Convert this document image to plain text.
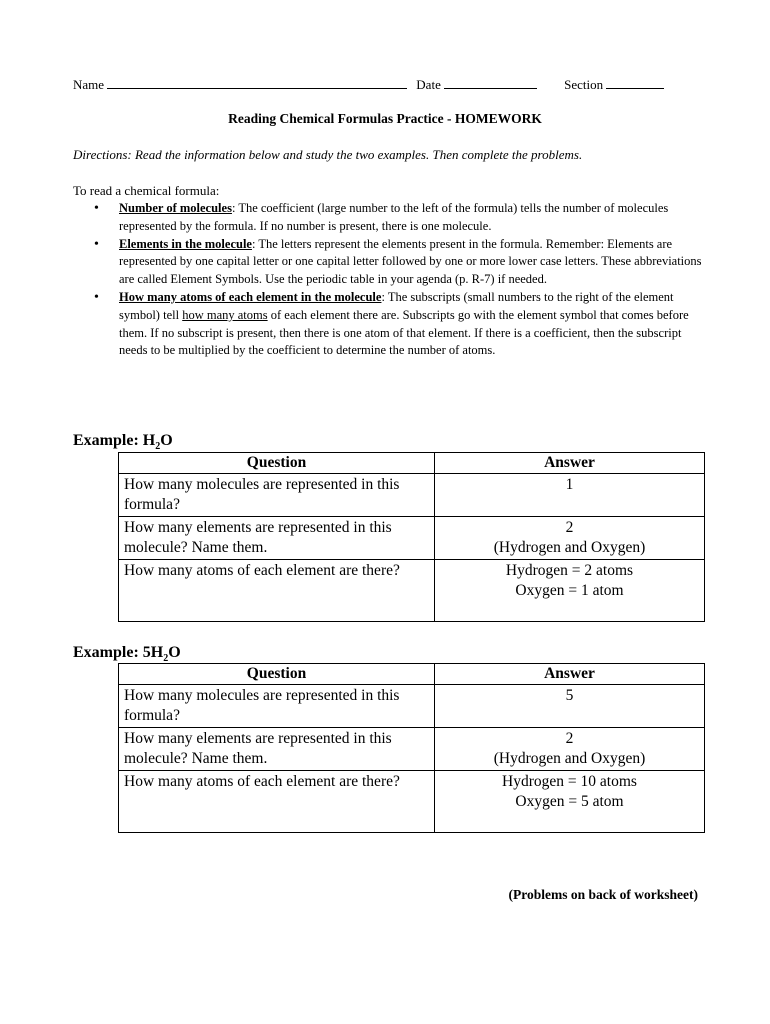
Name	Date	Section
Reading Chemical Formulas Practice - HOMEWORK
Directions: Read the information below and study the two examples. Then complete the problems.
To read a chemical formula:
• Number of molecules: The coefficient (large number to the left of the formula) tells the number of molecules represented by the formula. If no number is present, there is one molecule.
• Elements in the molecule: The letters represent the elements present in the formula. Remember: Elements are represented by one capital letter or one capital letter followed by one or more lower case letters. These abbreviations are called Element Symbols. Use the periodic table in your agenda (p. R-7) if needed.
• How many atoms of each element in the molecule: The subscripts (small numbers to the right of the element symbol) tell how many atoms of each element there are. Subscripts go with the element symbol that comes before them. If no subscript is present, then there is one atom of that element. If there is a coefficient, then the subscript needs to be multiplied by the coefficient to determine the number of atoms.
Example: $H_2O$
Question	Answer
How many molecules are represented in this formula?	1

How many elements are represented in this molecule? Name them.	2
(Hydrogen and Oxygen)

How many atoms of each element are there?	Hydrogen = 2 atoms
Oxygen = 1 atom
Example: $5H_2O$
Question	Answer
How many molecules are represented in this formula?	5

How many elements are represented in this molecule? Name them.	2
(Hydrogen and Oxygen)

How many atoms of each element are there?	Hydrogen = 10 atoms
Oxygen = 5 atom
(Problems on back of worksheet)
